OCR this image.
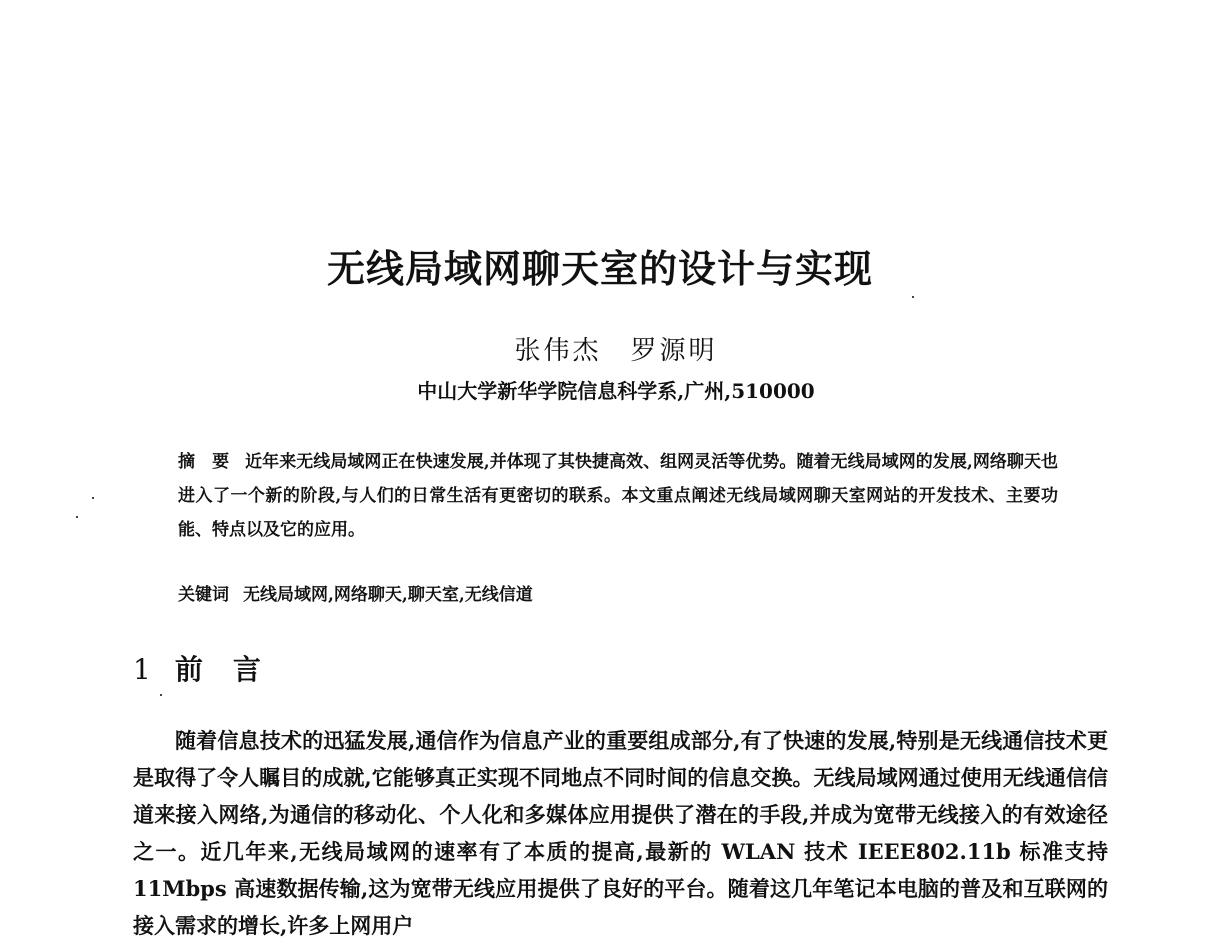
无线局域网聊天室的设计与实现
张伟杰　罗源明
中山大学新华学院信息科学系,广州,510000
摘　要 近年来无线局域网正在快速发展,并体现了其快捷高效、组网灵活等优势。随着无线局域网的发展,网络聊天也进入了一个新的阶段,与人们的日常生活有更密切的联系。本文重点阐述无线局域网聊天室网站的开发技术、主要功能、特点以及它的应用。
关键词 无线局域网,网络聊天,聊天室,无线信道
1 前言
随着信息技术的迅猛发展,通信作为信息产业的重要组成部分,有了快速的发展,特别是无线通信技术更是取得了令人瞩目的成就,它能够真正实现不同地点不同时间的信息交换。无线局域网通过使用无线通信信道来接入网络,为通信的移动化、个人化和多媒体应用提供了潜在的手段,并成为宽带无线接入的有效途径之一。近几年来,无线局域网的速率有了本质的提高,最新的 WLAN 技术 IEEE802.11b 标准支持 11Mbps 高速数据传输,这为宽带无线应用提供了良好的平台。随着这几年笔记本电脑的普及和互联网的接入需求的增长,许多上网用户
